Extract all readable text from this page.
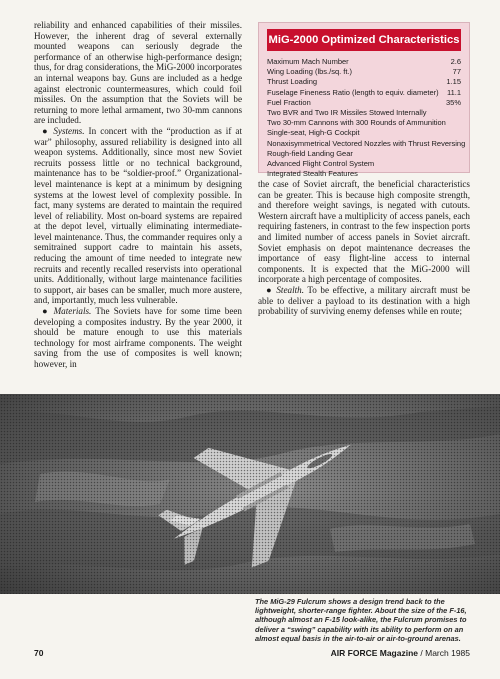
reliability and enhanced capabilities of their missiles. However, the inherent drag of several externally mounted weapons can seriously degrade the performance of an otherwise high-performance design; thus, for drag considerations, the MiG-2000 incorporates an internal weapons bay. Guns are included as a hedge against electronic countermeasures, which could foil missiles. On the assumption that the Soviets will be returning to more lethal armament, two 30-mm cannons are included.

● Systems. In concert with the “production as if at war” philosophy, assured reliability is designed into all weapon systems. Additionally, since most new Soviet recruits possess little or no technical background, maintenance has to be “soldier-proof.” Organizational-level maintenance is kept at a minimum by designing systems at the lowest level of complexity possible. In fact, many systems are derated to maintain the required level of reliability. Most on-board systems are repaired at the depot level, virtually eliminating intermediate-level maintenance. Thus, the commander requires only a semitrained support cadre to maintain his assets, reducing the amount of time needed to integrate new recruits and recently recalled reservists into operational units. Additionally, without large maintenance facilities to support, air bases can be smaller, much more austere, and, importantly, much less vulnerable.

● Materials. The Soviets have for some time been developing a composites industry. By the year 2000, it should be mature enough to use this materials technology for most airframe components. The weight saving from the use of composites is well known; however, in

MiG-2000 Optimized Characteristics
Maximum Mach Number	2.6
Wing Loading (lbs./sq. ft.)	77
Thrust Loading	1.15
Fuselage Fineness Ratio (length to equiv. diameter)	11.1
Fuel Fraction	35%
Two BVR and Two IR Missiles Stowed Internally
Two 30-mm Cannons with 300 Rounds of Ammunition
Single-seat, High-G Cockpit
Nonaxisymmetrical Vectored Nozzles with Thrust Reversing
Rough-field Landing Gear
Advanced Flight Control System
Integrated Stealth Features

the case of Soviet aircraft, the beneficial characteristics can be greater. This is because high composite strength, and therefore weight savings, is negated with cutouts. Western aircraft have a multiplicity of access panels, each requiring fasteners, in contrast to the few inspection ports and limited number of access panels in Soviet aircraft. Soviet emphasis on depot maintenance decreases the importance of easy flight-line access to internal components. It is expected that the MiG-2000 will incorporate a high percentage of composites.

● Stealth. To be effective, a military aircraft must be able to deliver a payload to its destination with a high probability of surviving enemy defenses while en route;

The MiG-29 Fulcrum shows a design trend back to the lightweight, shorter-range fighter. About the size of the F-16, although almost an F-15 look-alike, the Fulcrum promises to deliver a “swing” capability with its ability to perform on an almost equal basis in the air-to-air or air-to-ground arenas.
70	AIR FORCE Magazine / March 1985
